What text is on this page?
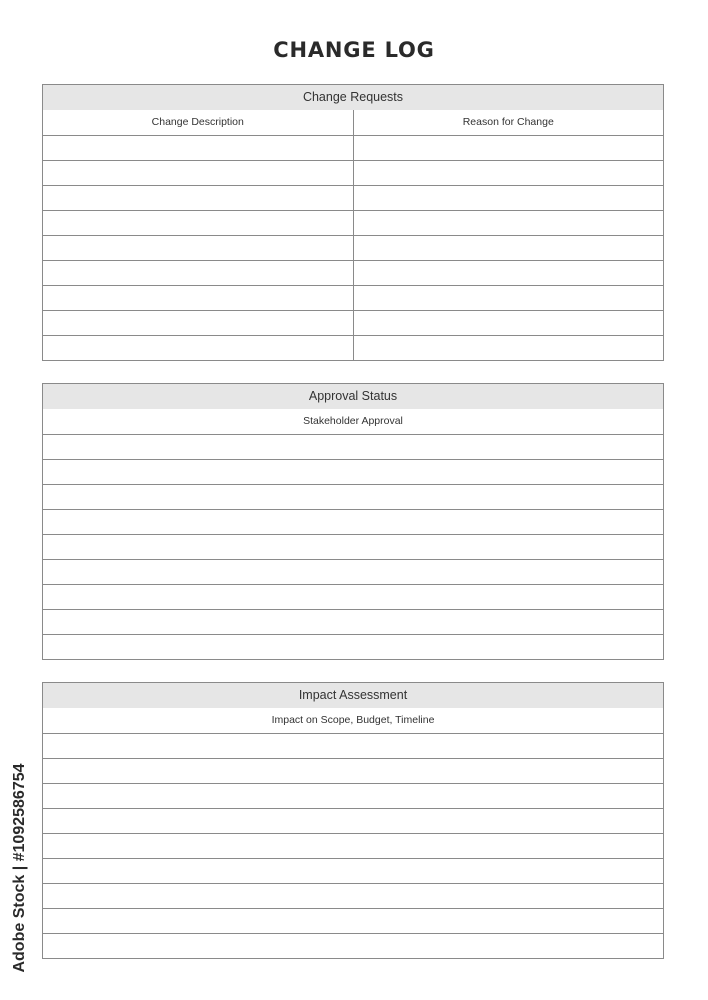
CHANGE LOG
Change Requests
Change Description	Reason for Change
Approval Status
Stakeholder Approval
Impact Assessment
Impact on Scope, Budget, Timeline
Adobe Stock | #1092586754
